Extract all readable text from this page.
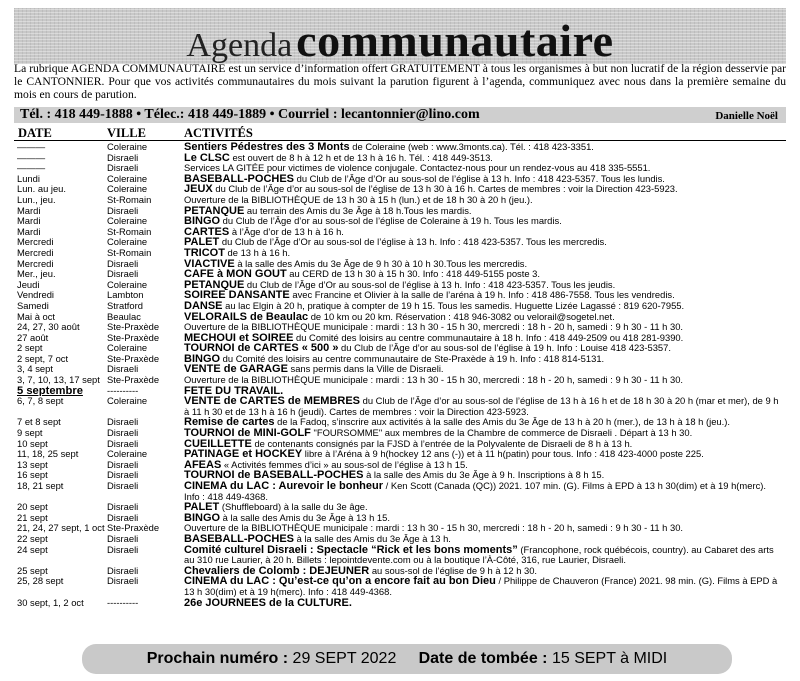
Agenda communautaire
La rubrique AGENDA COMMUNAUTAIRE est un service d’information offert GRATUITEMENT à tous les organismes à but non lucratif de la région desservie par le CANTONNIER. Pour que vos activités communautaires du mois suivant la parution figurent à l’agenda, communiquez avec nous dans la première semaine du mois en cours de parution.
Tél. : 418 449-1888 • Télec.: 418 449-1889 • Courriel : lecantonnier@lino.com	Danielle Noël
DATE	VILLE	ACTIVITÉS
———	Coleraine	Sentiers Pédestres des 3 Monts de Coleraine (web : www.3monts.ca). Tél. : 418 423-3351.
———	Disraeli	Le CLSC est ouvert de 8 h à 12 h et de 13 h à 16 h. Tél. : 418 449-3513.
———	Disraeli	Services LA GITÉE pour victimes de violence conjugale. Contactez-nous pour un rendez-vous au 418 335-5551.
Lundi	Coleraine	BASEBALL-POCHES du Club de l’Âge d’Or au sous-sol de l’église à 13 h. Info : 418 423-5357. Tous les lundis.
Lun. au jeu.	Coleraine	JEUX du Club de l’Âge d’or au sous-sol de l’église de 13 h 30 à 16 h. Cartes de membres : voir la Direction 423-5923.
Lun., jeu.	St-Romain	Ouverture de la BIBLIOTHÈQUE de 13 h 30 à 15 h (lun.) et de 18 h 30 à 20 h (jeu.).
Mardi	Disraeli	PÉTANQUE au terrain des Amis du 3e Âge à 18 h.Tous les mardis.
Mardi	Coleraine	BINGO du Club de l’Âge d’or au sous-sol de l’église de Coleraine à 19 h. Tous les mardis.
Mardi	St-Romain	CARTES à l’Âge d’or de 13 h à 16 h.
Mercredi	Coleraine	PALET du Club de l’Âge d’Or au sous-sol de l’église à 13 h. Info : 418 423-5357. Tous les mercredis.
Mercredi	St-Romain	TRICOT de 13 h à 16 h.
Mercredi	Disraeli	VIACTIVE à la salle des Amis du 3e Âge de 9 h 30 à 10 h 30.Tous les mercredis.
Mer., jeu.	Disraeli	CAFÉ à MON GOÛT au CERD de 13 h 30 à 15 h 30. Info : 418 449-5155 poste 3.
Jeudi	Coleraine	PÉTANQUE du Club de l’Âge d’Or au sous-sol de l’église à 13 h. Info : 418 423-5357. Tous les jeudis.
Vendredi	Lambton	SOIRÉE DANSANTE avec Francine et Olivier à la salle de l’aréna à 19 h. Info : 418 486-7558. Tous les vendredis.
Samedi	Stratford	DANSE au lac Elgin à 20 h, pratique à compter de 19 h 15. Tous les samedis. Huguette Lizée Lagassé : 819 620-7955.
Mai à oct	Beaulac	VÉLORAILS de Beaulac de 10 km ou 20 km. Réservation : 418 946-3082 ou velorail@sogetel.net.
24, 27, 30 août	Ste-Praxède	Ouverture de la BIBLIOTHÈQUE municipale : mardi : 13 h 30 - 15 h 30, mercredi : 18 h - 20 h, samedi : 9 h 30 - 11 h 30.
27 août	Ste-Praxède	MÉCHOUI et SOIRÉE du Comité des loisirs au centre communautaire à 18 h. Info : 418 449-2509 ou 418 281-9390.
2 sept	Coleraine	TOURNOI de CARTES « 500 » du Club de l’Âge d’or au sous-sol de l’église à 19 h. Info : Louise 418 423-5357.
2 sept, 7 oct	Ste-Praxède	BINGO du Comité des loisirs au centre communautaire de Ste-Praxède à 19 h. Info : 418 814-5131.
3, 4 sept	Disraeli	VENTE de GARAGE sans permis dans la Ville de Disraeli.
3, 7, 10, 13, 17 sept Ste-Praxède	Ouverture de la BIBLIOTHÈQUE municipale : mardi : 13 h 30 - 15 h 30, mercredi : 18 h - 20 h, samedi : 9 h 30 - 11 h 30.
5 septembre	----------	FÊTE DU TRAVAIL.
6, 7, 8 sept	Coleraine	VENTE de CARTES de MEMBRES du Club de l’Âge d’or au sous-sol de l’église de 13 h à 16 h et de 18 h 30 à 20 h (mar et mer), de 9 h à 11 h 30 et de 13 h à 16 h (jeudi). Cartes de membres : voir la Direction 423-5923.
7 et 8 sept	Disraeli	Remise de cartes de la Fadoq, s’inscrire aux activités à la salle des Amis du 3e Âge de 13 h à 20 h (mer.), de 13 h à 18 h (jeu.).
9 sept	Disraeli	TOURNOI de MINI-GOLF "FOURSOMME" aux membres de la Chambre de commerce de Disraeli . Départ à 13 h 30.
10 sept	Disraeli	CUEILLETTE de contenants consignés par la FJSD à l’entrée de la Polyvalente de Disraeli de 8 h à 13 h.
11, 18, 25 sept	Coleraine	PATINAGE et HOCKEY libre à l’Aréna à 9 h(hockey 12 ans (-)) et à 11 h(patin) pour tous. Info : 418 423-4000 poste 225.
13 sept	Disraeli	AFÉAS « Activités femmes d’ici » au sous-sol de l’église à 13 h 15.
16 sept	Disraeli	TOURNOI de BASEBALL-POCHES à la salle des Amis du 3e Âge à 9 h. Inscriptions à 8 h 15.
18, 21 sept	Disraeli	CINÉMA du LAC : Aurevoir le bonheur / Ken Scott (Canada (QC)) 2021. 107 min. (G). Films à EPD à 13 h 30(dim) et à 19 h(merc). Info : 418 449-4368.
20 sept	Disraeli	PALET (Shuffleboard) à la salle du 3e âge.
21 sept	Disraeli	BINGO à la salle des Amis du 3e Âge à 13 h 15.
21, 24, 27 sept, 1 oct Ste-Praxède	Ouverture de la BIBLIOTHÈQUE municipale : mardi : 13 h 30 - 15 h 30, mercredi : 18 h - 20 h, samedi : 9 h 30 - 11 h 30.
22 sept	Disraeli	BASEBALL-POCHES à la salle des Amis du 3e Âge à 13 h.
24 sept	Disraeli	Comité culturel Disraeli : Spectacle “Rick et les bons moments” (Francophone, rock québécois, country). au Cabaret des arts au 310 rue Laurier, à 20 h. Billets : lepointdevente.com ou à la boutique l’À-Côté, 316, rue Laurier, Disraeli.
25 sept	Disraeli	Chevaliers de Colomb : DÉJEUNER au sous-sol de l’église de 9 h à 12 h 30.
25, 28 sept	Disraeli	CINÉMA du LAC : Qu’est-ce qu’on a encore fait au bon Dieu / Philippe de Chauveron (France) 2021. 98 min. (G). Films à EPD à 13 h 30(dim) et à 19 h(merc). Info : 418 449-4368.
30 sept, 1, 2 oct	----------	26e JOURNÉES de la CULTURE.
Prochain numéro : 29 SEPT 2022 Date de tombée : 15 SEPT à MIDI
